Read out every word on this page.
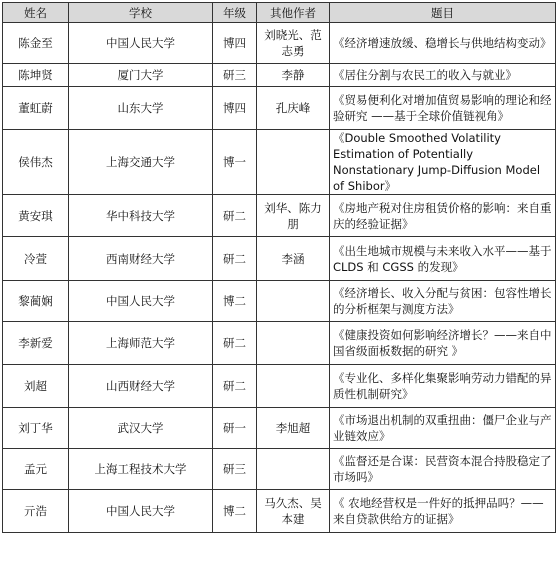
姓名	学校	年级	其他作者	题目
陈金至	中国人民大学	博四	刘晓光、范志勇	《经济增速放缓、稳增长与供地结构变动》
陈坤贤	厦门大学	研三	李静	《居住分割与农民工的收入与就业》
董虹蔚	山东大学	博四	孔庆峰	《贸易便利化对增加值贸易影响的理论和经验研究 ——基于全球价值链视角》
侯伟杰	上海交通大学	博一		《Double Smoothed Volatility Estimation of Potentially Nonstationary Jump-Diffusion Model of Shibor》
黄安琪	华中科技大学	研二	刘华、陈力朋	《房地产税对住房租赁价格的影响：来自重庆的经验证据》
冷萱	西南财经大学	研二	李涵	《出生地城市规模与未来收入水平——基于 CLDS 和 CGSS 的发现》
黎蔺娴	中国人民大学	博二		《经济增长、收入分配与贫困：包容性增长的分析框架与测度方法》
李新爱	上海师范大学	研二		《健康投资如何影响经济增长？——来自中国省级面板数据的研究 》
刘超	山西财经大学	研二		《专业化、多样化集聚影响劳动力错配的异质性机制研究》
刘丁华	武汉大学	研一	李旭超	《市场退出机制的双重扭曲：僵尸企业与产业链效应》
孟元	上海工程技术大学	研三		《监督还是合谋：民营资本混合持股稳定了市场吗》
亓浩	中国人民大学	博二	马久杰、吴本建	《 农地经营权是一件好的抵押品吗？——来自贷款供给方的证据》
